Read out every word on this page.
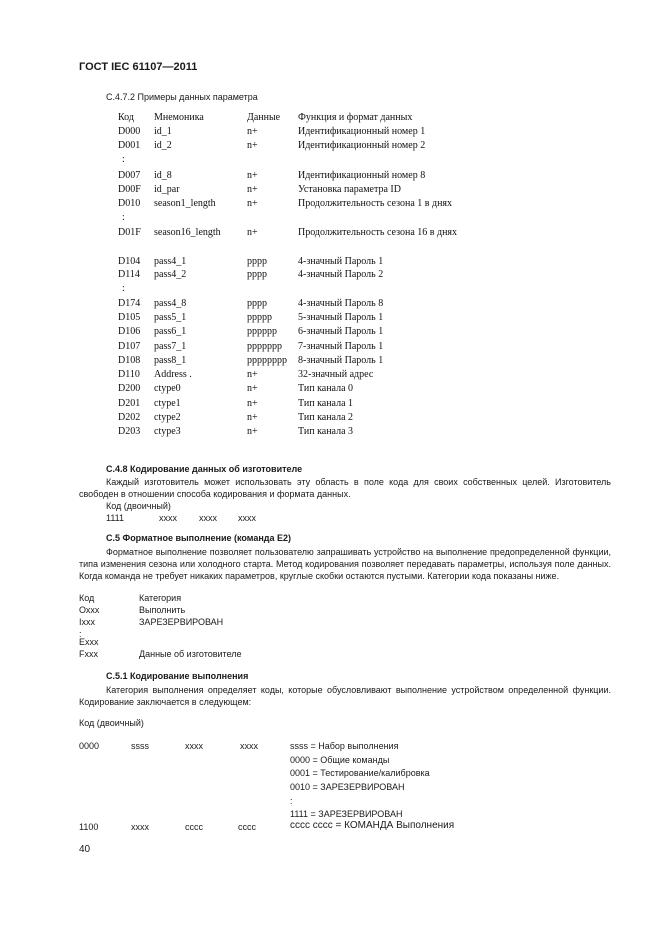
ГОСТ IEC 61107—2011
С.4.7.2 Примеры данных параметра
Код Мнемоника	Данные Функция и формат данных
D000 id_1	n+	Идентификационный номер 1
D001 id_2	n+	Идентификационный номер 2
:
D007 id_8	n+	Идентификационный номер 8
D00F id_par	n+	Установка параметра ID
D010 season1_length	n+	Продолжительность сезона 1 в днях
:
D01F season16_length	n+	Продолжительность сезона 16 в днях
D104 pass4_1	pppp	4-значный Пароль 1
D114 pass4_2	pppp	4-значный Пароль 2
:
D174 pass4_8	pppp	4-значный Пароль 8
D105 pass5_1	ppppp	5-значный Пароль 1
D106 pass6_1	pppppp 6-значный Пароль 1
D107 pass7_1	ppppppp 7-значный Пароль 1
D108 pass8_1	pppppppp 8-значный Пароль 1
D110 Address .	n+	32-значный адрес
D200 ctype0	n+	Тип канала 0
D201 ctype1	n+	Тип канала 1
D202 ctype2	n+	Тип канала 2
D203 ctype3	n+	Тип канала 3
С.4.8 Кодирование данных об изготовителе
Каждый изготовитель может использовать эту область в поле кода для своих собственных целей. Изготовитель свободен в отношении способа кодирования и формата данных.
Код (двоичный)
1111	xxxx xxxx xxxx
С.5 Форматное выполнение (команда Е2)
Форматное выполнение позволяет пользователю запрашивать устройство на выполнение предопределенной функции, типа изменения сезона или холодного старта. Метод кодирования позволяет передавать параметры, используя поле данных. Когда команда не требует никаких параметров, круглые скобки остаются пустыми. Категории кода показаны ниже.
Код	Категория
Охxx	Выполнить
Ixxx	ЗАРЕЗЕРВИРОВАН
:
Exxx
Fxxx	Данные об изготовителе
С.5.1 Кодирование выполнения
Категория выполнения определяет коды, которые обусловливают выполнение устройством определенной функции. Кодирование заключается в следующем:
Код (двоичный)
0000	ssss	xxxx	xxxx	ssss = Набор выполнения
0000 = Общие команды
0001 = Тестирование/калибровка
0010 = ЗАРЕЗЕРВИРОВАН
:
1111 = ЗАРЕЗЕРВИРОВАН
1100	xxxx	cccc	cccc	cccc cccc = КОМАНДА Выполнения
40
